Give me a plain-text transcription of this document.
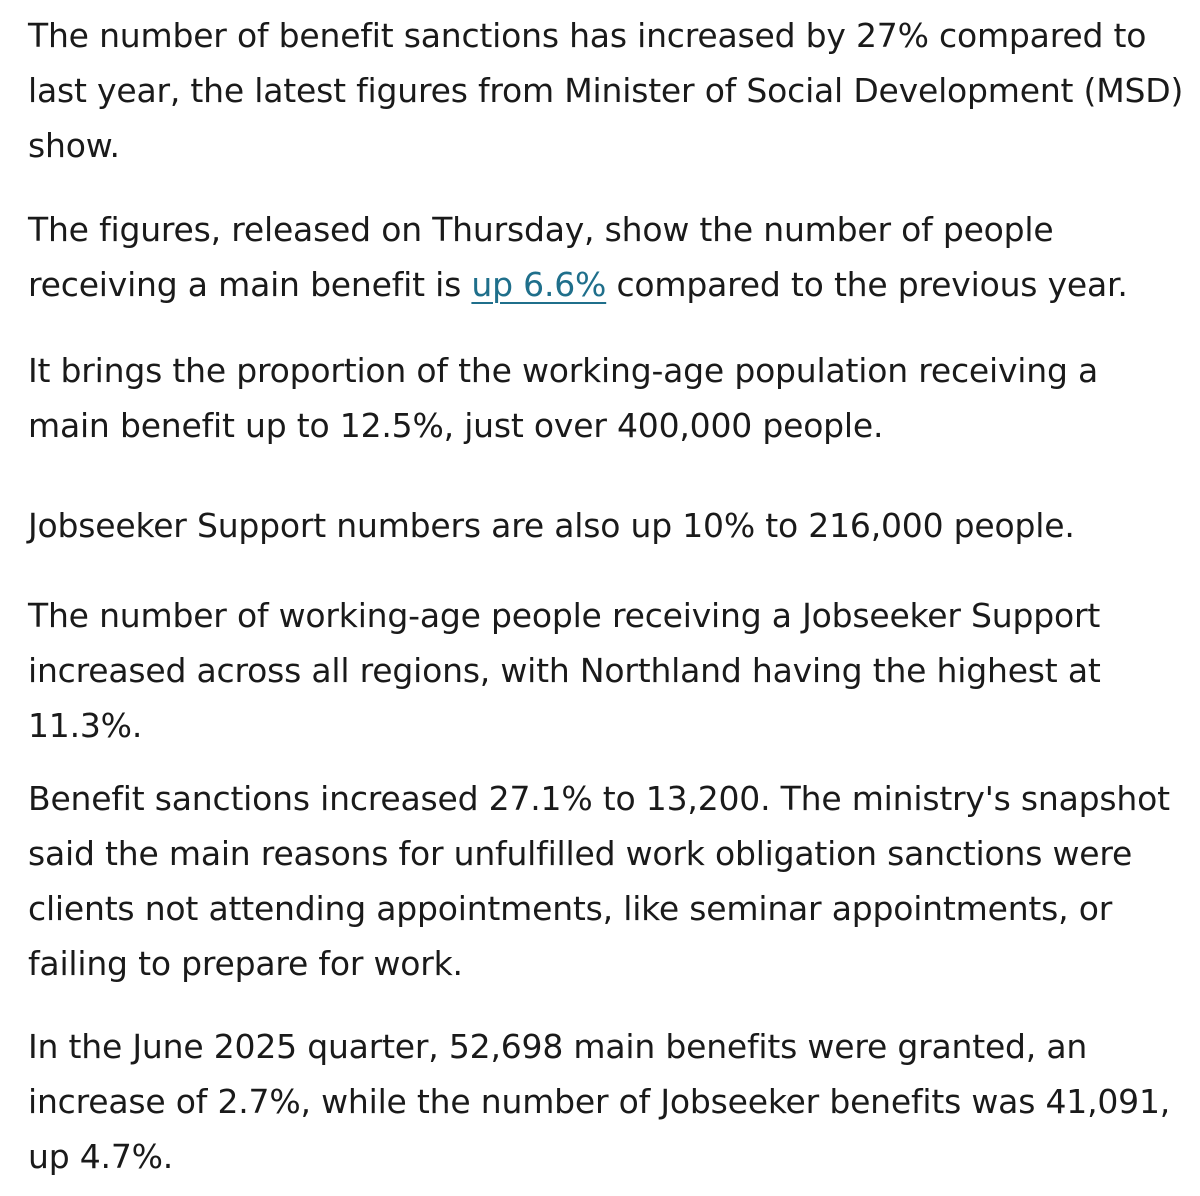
The number of benefit sanctions has increased by 27% compared to last year, the latest figures from Minister of Social Development (MSD) show.

The figures, released on Thursday, show the number of people receiving a main benefit is up 6.6% compared to the previous year.

It brings the proportion of the working-age population receiving a main benefit up to 12.5%, just over 400,000 people.

Jobseeker Support numbers are also up 10% to 216,000 people.

The number of working-age people receiving a Jobseeker Support increased across all regions, with Northland having the highest at 11.3%.

Benefit sanctions increased 27.1% to 13,200. The ministry's snapshot said the main reasons for unfulfilled work obligation sanctions were clients not attending appointments, like seminar appointments, or failing to prepare for work.

In the June 2025 quarter, 52,698 main benefits were granted, an increase of 2.7%, while the number of Jobseeker benefits was 41,091, up 4.7%.
